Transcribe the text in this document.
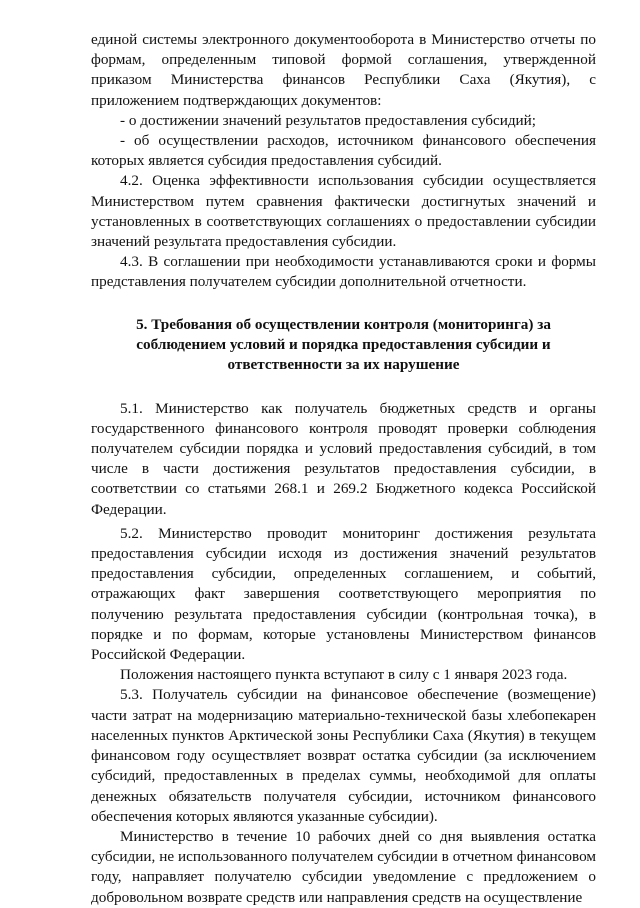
единой системы электронного документооборота в Министерство отчеты по формам, определенным типовой формой соглашения, утвержденной приказом Министерства финансов Республики Саха (Якутия), с приложением подтверждающих документов:

- о достижении значений результатов предоставления субсидий;

- об осуществлении расходов, источником финансового обеспечения которых является субсидия предоставления субсидий.

4.2. Оценка эффективности использования субсидии осуществляется Министерством путем сравнения фактически достигнутых значений и установленных в соответствующих соглашениях о предоставлении субсидии значений результата предоставления субсидии.

4.3. В соглашении при необходимости устанавливаются сроки и формы представления получателем субсидии дополнительной отчетности.

5. Требования об осуществлении контроля (мониторинга) за соблюдением условий и порядка предоставления субсидии и ответственности за их нарушение

5.1. Министерство как получатель бюджетных средств и органы государственного финансового контроля проводят проверки соблюдения получателем субсидии порядка и условий предоставления субсидий, в том числе в части достижения результатов предоставления субсидии, в соответствии со статьями 268.1 и 269.2 Бюджетного кодекса Российской Федерации.

5.2. Министерство проводит мониторинг достижения результата предоставления субсидии исходя из достижения значений результатов предоставления субсидии, определенных соглашением, и событий, отражающих факт завершения соответствующего мероприятия по получению результата предоставления субсидии (контрольная точка), в порядке и по формам, которые установлены Министерством финансов Российской Федерации.

Положения настоящего пункта вступают в силу с 1 января 2023 года.

5.3. Получатель субсидии на финансовое обеспечение (возмещение) части затрат на модернизацию материально-технической базы хлебопекарен населенных пунктов Арктической зоны Республики Саха (Якутия) в текущем финансовом году осуществляет возврат остатка субсидии (за исключением субсидий, предоставленных в пределах суммы, необходимой для оплаты денежных обязательств получателя субсидии, источником финансового обеспечения которых являются указанные субсидии).

Министерство в течение 10 рабочих дней со дня выявления остатка субсидии, не использованного получателем субсидии в отчетном финансовом году, направляет получателю субсидии уведомление с предложением о добровольном возврате средств или направления средств на осуществление
